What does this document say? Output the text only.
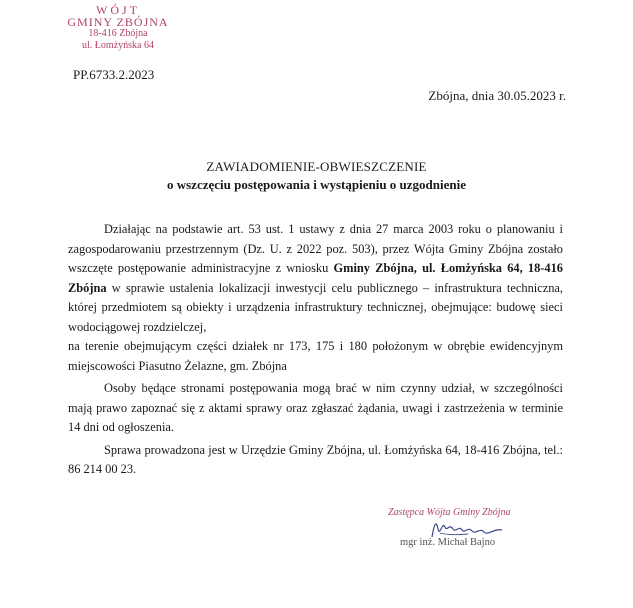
WÓJT
GMINY ZBÓJNA
18-416 Zbójna
ul. Łomżyńska 64
PP.6733.2.2023
Zbójna, dnia 30.05.2023 r.
ZAWIADOMIENIE-OBWIESZCZENIE
o wszczęciu postępowania i wystąpieniu o uzgodnienie

Działając na podstawie art. 53 ust. 1 ustawy z dnia 27 marca 2003 roku o planowaniu i zagospodarowaniu przestrzennym (Dz. U. z 2022 poz. 503), przez Wójta Gminy Zbójna zostało wszczęte postępowanie administracyjne z wniosku Gminy Zbójna, ul. Łomżyńska 64, 18-416 Zbójna w sprawie ustalenia lokalizacji inwestycji celu publicznego – infrastruktura techniczna, której przedmiotem są obiekty i urządzenia infrastruktury technicznej, obejmujące: budowę sieci wodociągowej rozdzielczej,

na terenie obejmującym części działek nr 173, 175 i 180 położonym w obrębie ewidencyjnym miejscowości Piasutno Żelazne, gm. Zbójna

Osoby będące stronami postępowania mogą brać w nim czynny udział, w szczególności mają prawo zapoznać się z aktami sprawy oraz zgłaszać żądania, uwagi i zastrzeżenia w terminie 14 dni od ogłoszenia.

Sprawa prowadzona jest w Urzędzie Gminy Zbójna, ul. Łomżyńska 64, 18-416 Zbójna, tel.: 86 214 00 23.

Zastępca Wójta Gminy Zbójna
mgr inż. Michał Bajno
